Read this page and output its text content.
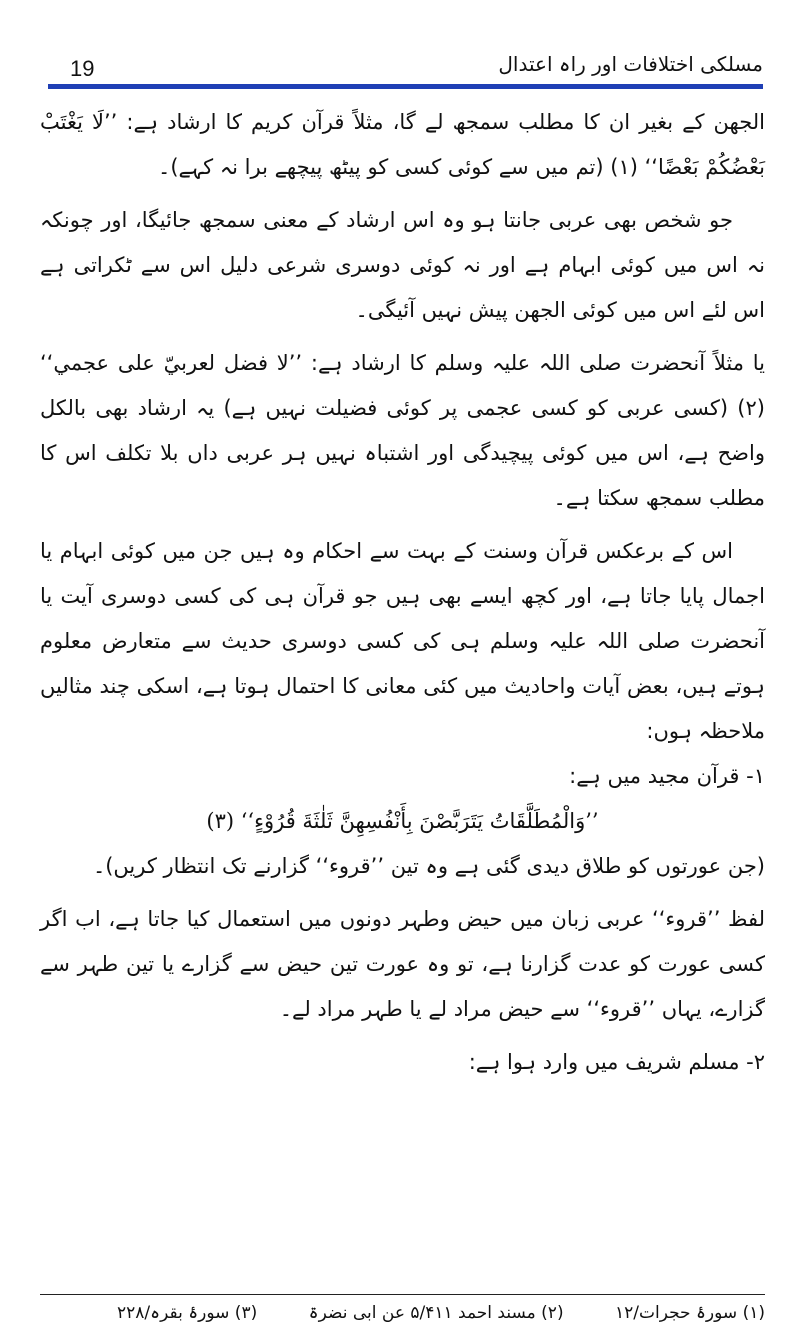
19	مسلکی اختلافات اور راہ اعتدال

الجھن کے بغیر ان کا مطلب سمجھ لے گا، مثلاً قرآن کریم کا ارشاد ہے: ’’لَا يَغْتَبْ بَعْضُكُمْ بَعْضًا‘‘ (۱) (تم میں سے کوئی کسی کو پیٹھ پیچھے برا نہ کہے)۔

جو شخص بھی عربی جانتا ہو وہ اس ارشاد کے معنی سمجھ جائیگا، اور چونکہ نہ اس میں کوئی ابہام ہے اور نہ کوئی دوسری شرعی دلیل اس سے ٹکراتی ہے اس لئے اس میں کوئی الجھن پیش نہیں آئیگی۔

یا مثلاً آنحضرت صلی اللہ علیہ وسلم کا ارشاد ہے: ’’لا فضل لعربيّ على عجمي‘‘ (۲) (کسی عربی کو کسی عجمی پر کوئی فضیلت نہیں ہے) یہ ارشاد بھی بالکل واضح ہے، اس میں کوئی پیچیدگی اور اشتباہ نہیں ہر عربی داں بلا تکلف اس کا مطلب سمجھ سکتا ہے۔

اس کے برعکس قرآن وسنت کے بہت سے احکام وہ ہیں جن میں کوئی ابہام یا اجمال پایا جاتا ہے، اور کچھ ایسے بھی ہیں جو قرآن ہی کی کسی دوسری آیت یا آنحضرت صلی اللہ علیہ وسلم ہی کی کسی دوسری حدیث سے متعارض معلوم ہوتے ہیں، بعض آیات واحادیث میں کئی معانی کا احتمال ہوتا ہے، اسکی چند مثالیں ملاحظہ ہوں:

۱- قرآن مجید میں ہے:

’’وَالْمُطَلَّقَاتُ يَتَرَبَّصْنَ بِأَنْفُسِهِنَّ ثَلٰثَةَ قُرُوْءٍ‘‘ (۳)

(جن عورتوں کو طلاق دیدی گئی ہے وہ تین ’’قروء‘‘ گزارنے تک انتظار کریں)۔

لفظ ’’قروء‘‘ عربی زبان میں حیض وطہر دونوں میں استعمال کیا جاتا ہے، اب اگر کسی عورت کو عدت گزارنا ہے، تو وہ عورت تین حیض سے گزارے یا تین طہر سے گزارے، یہاں ’’قروء‘‘ سے حیض مراد لے یا طہر مراد لے۔

۲- مسلم شریف میں وارد ہوا ہے:

(۱) سورۂ حجرات/۱۲ (۲) مسند احمد ۵/۴۱۱ عن ابی نضرۃ (۳) سورۂ بقرہ/۲۲۸
